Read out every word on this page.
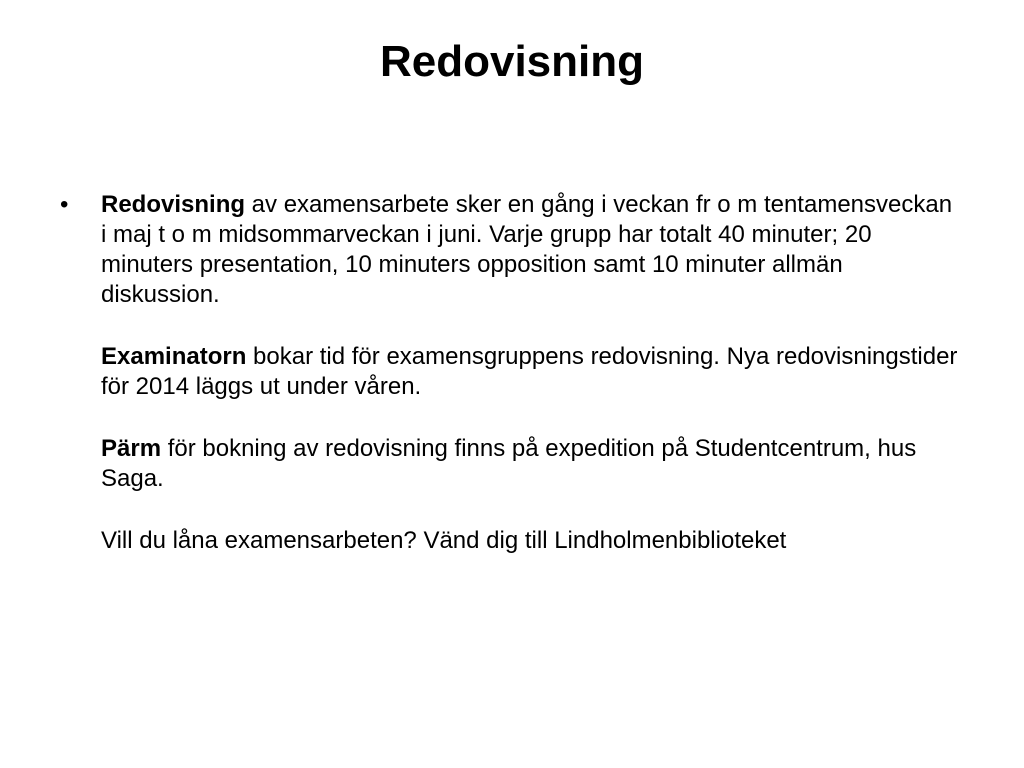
Redovisning
•	Redovisning av examensarbete sker en gång i veckan fr o m tentamensveckan i maj t o m midsommarveckan i juni. Varje grupp har totalt 40 minuter; 20 minuters presentation, 10 minuters opposition samt 10 minuter allmän diskussion.

Examinatorn bokar tid för examensgruppens redovisning. Nya redovisningstider för 2014 läggs ut under våren.

Pärm för bokning av redovisning finns på expedition på Studentcentrum, hus Saga.

Vill du låna examensarbeten? Vänd dig till Lindholmenbiblioteket
